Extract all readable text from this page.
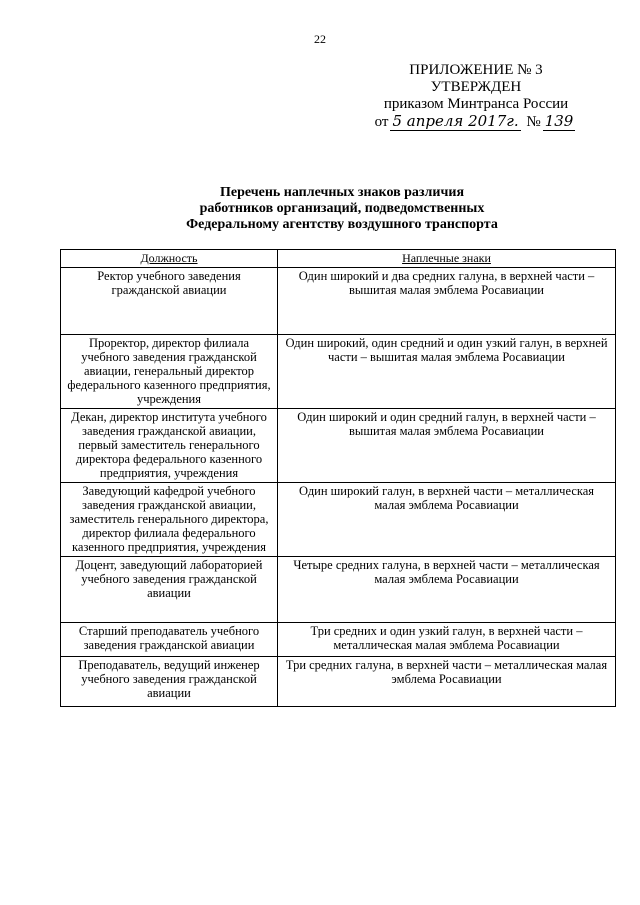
22
ПРИЛОЖЕНИЕ № 3
УТВЕРЖДЕН
приказом Минтранса России
от 5 апреля 2017г. № 139
Перечень наплечных знаков различия
работников организаций, подведомственных
Федеральному агентству воздушного транспорта
Должность	Наплечные знаки
Ректор учебного заведения гражданской авиации	Один широкий и два средних галуна, в верхней части – вышитая малая эмблема Росавиации
Проректор, директор филиала учебного заведения гражданской авиации, генеральный директор федерального казенного предприятия, учреждения	Один широкий, один средний и один узкий галун, в верхней части – вышитая малая эмблема Росавиации
Декан, директор института учебного заведения гражданской авиации, первый заместитель генерального директора федерального казенного предприятия, учреждения	Один широкий и один средний галун, в верхней части – вышитая малая эмблема Росавиации
Заведующий кафедрой учебного заведения гражданской авиации, заместитель генерального директора, директор филиала федерального казенного предприятия, учреждения	Один широкий галун, в верхней части – металлическая малая эмблема Росавиации
Доцент, заведующий лабораторией учебного заведения гражданской авиации	Четыре средних галуна, в верхней части – металлическая малая эмблема Росавиации
Старший преподаватель учебного заведения гражданской авиации	Три средних и один узкий галун, в верхней части – металлическая малая эмблема Росавиации
Преподаватель, ведущий инженер учебного заведения гражданской авиации	Три средних галуна, в верхней части – металлическая малая эмблема Росавиации
